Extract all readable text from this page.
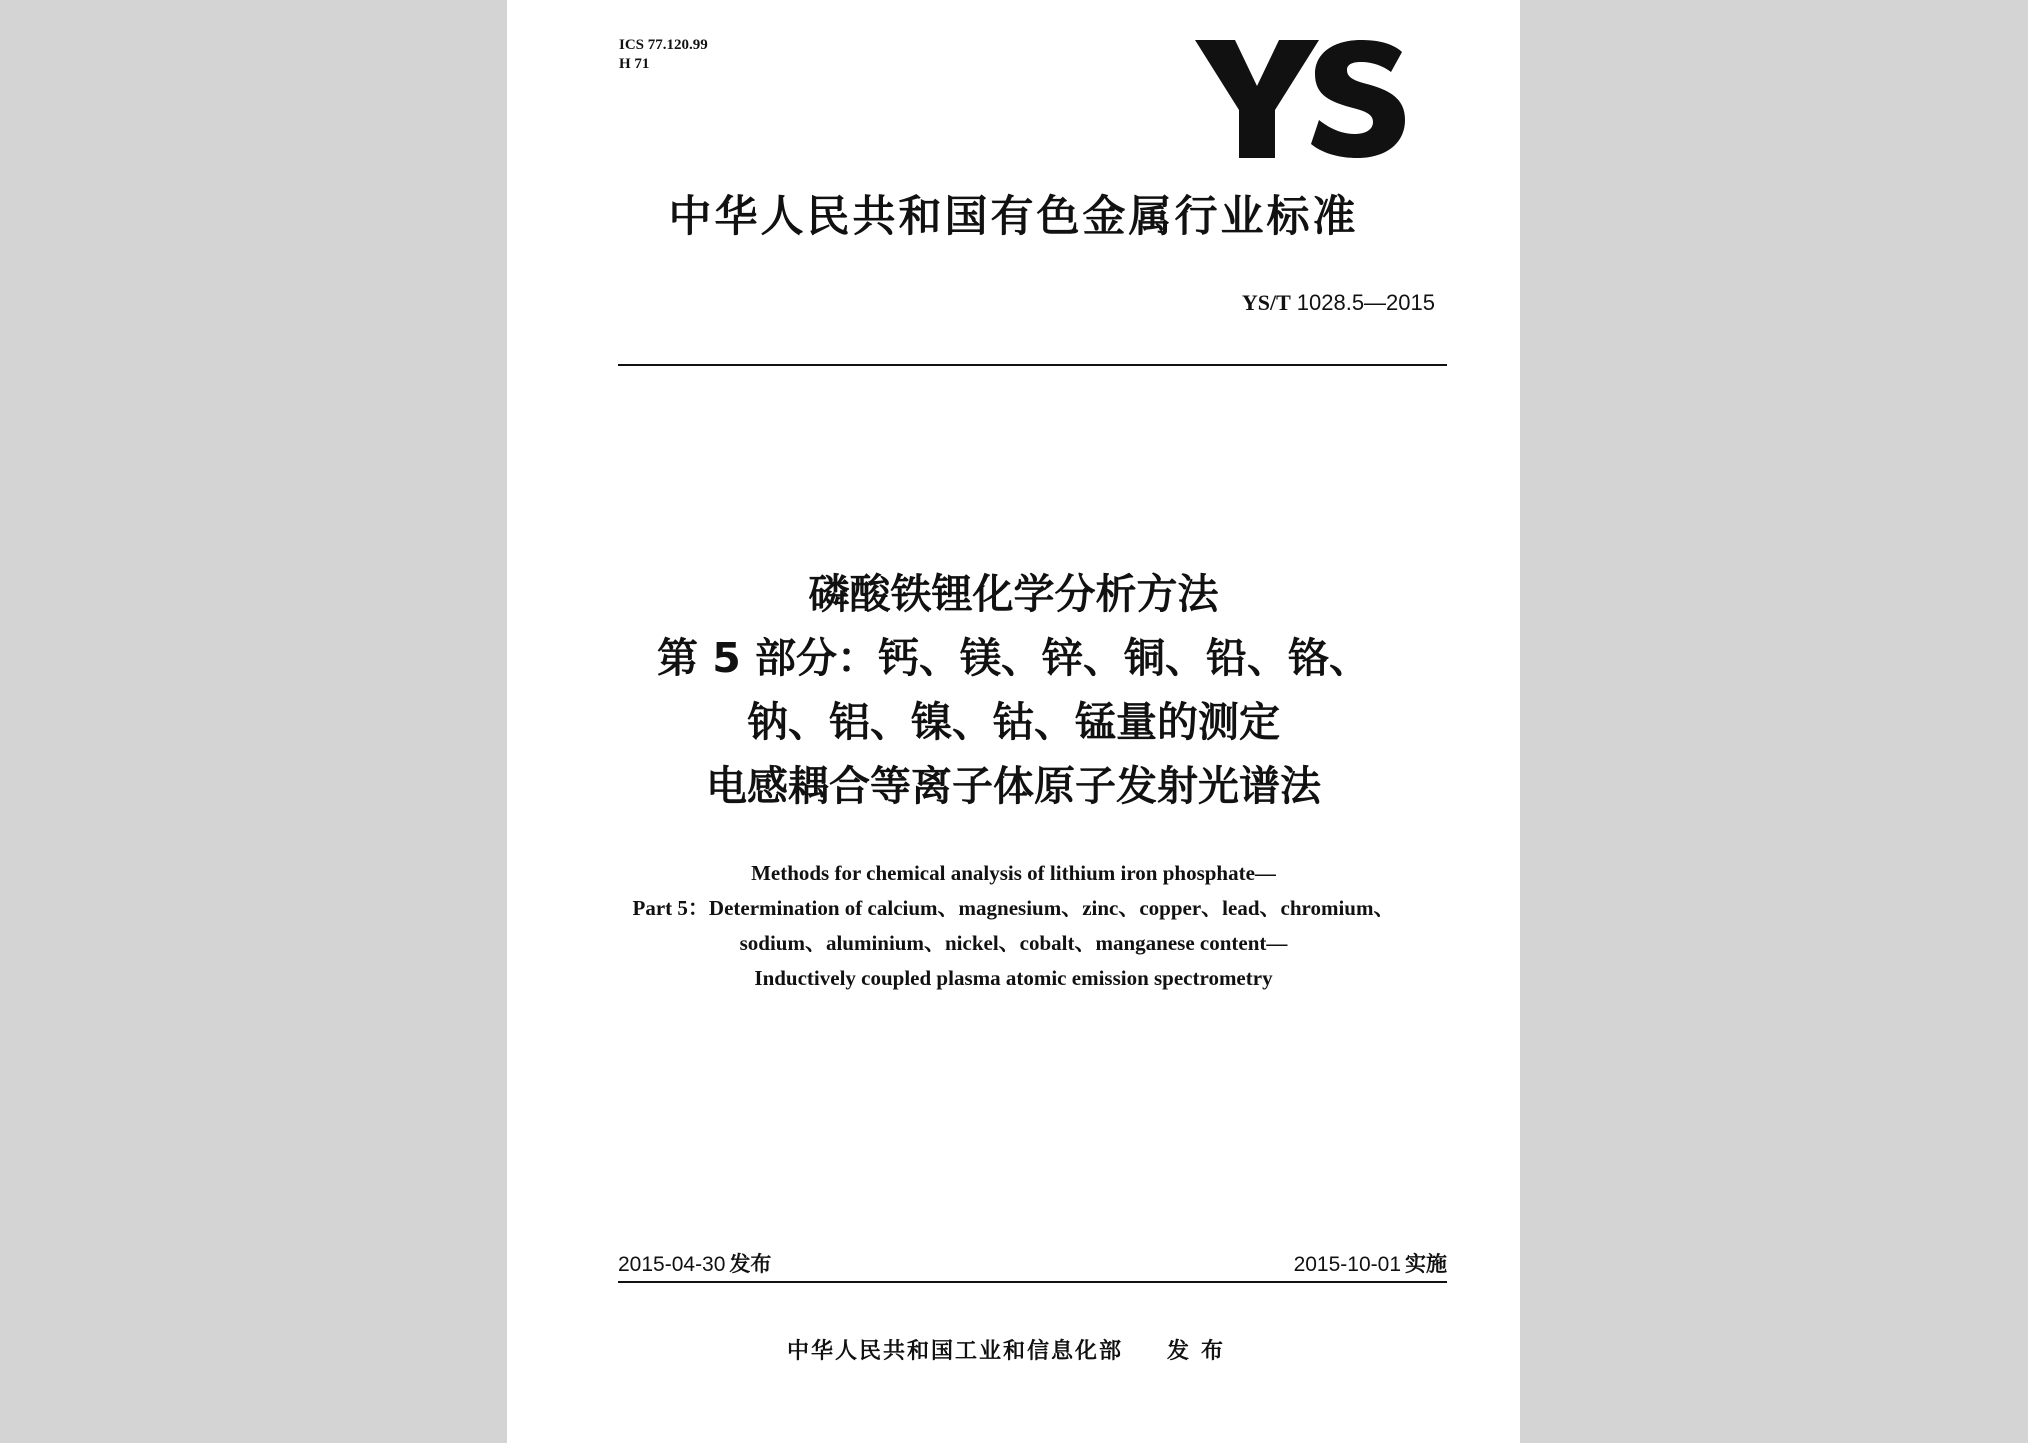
ICS 77.120.99
H 71
中华人民共和国有色金属行业标准
YS/T 1028.5—2015
磷酸铁锂化学分析方法
第 5 部分：钙、镁、锌、铜、铅、铬、
钠、铝、镍、钴、锰量的测定
电感耦合等离子体原子发射光谱法
Methods for chemical analysis of lithium iron phosphate—
Part 5：Determination of calcium、magnesium、zinc、copper、lead、chromium、
sodium、aluminium、nickel、cobalt、manganese content—
Inductively coupled plasma atomic emission spectrometry
2015-04-30 发布	2015-10-01 实施
中华人民共和国工业和信息化部 发布
